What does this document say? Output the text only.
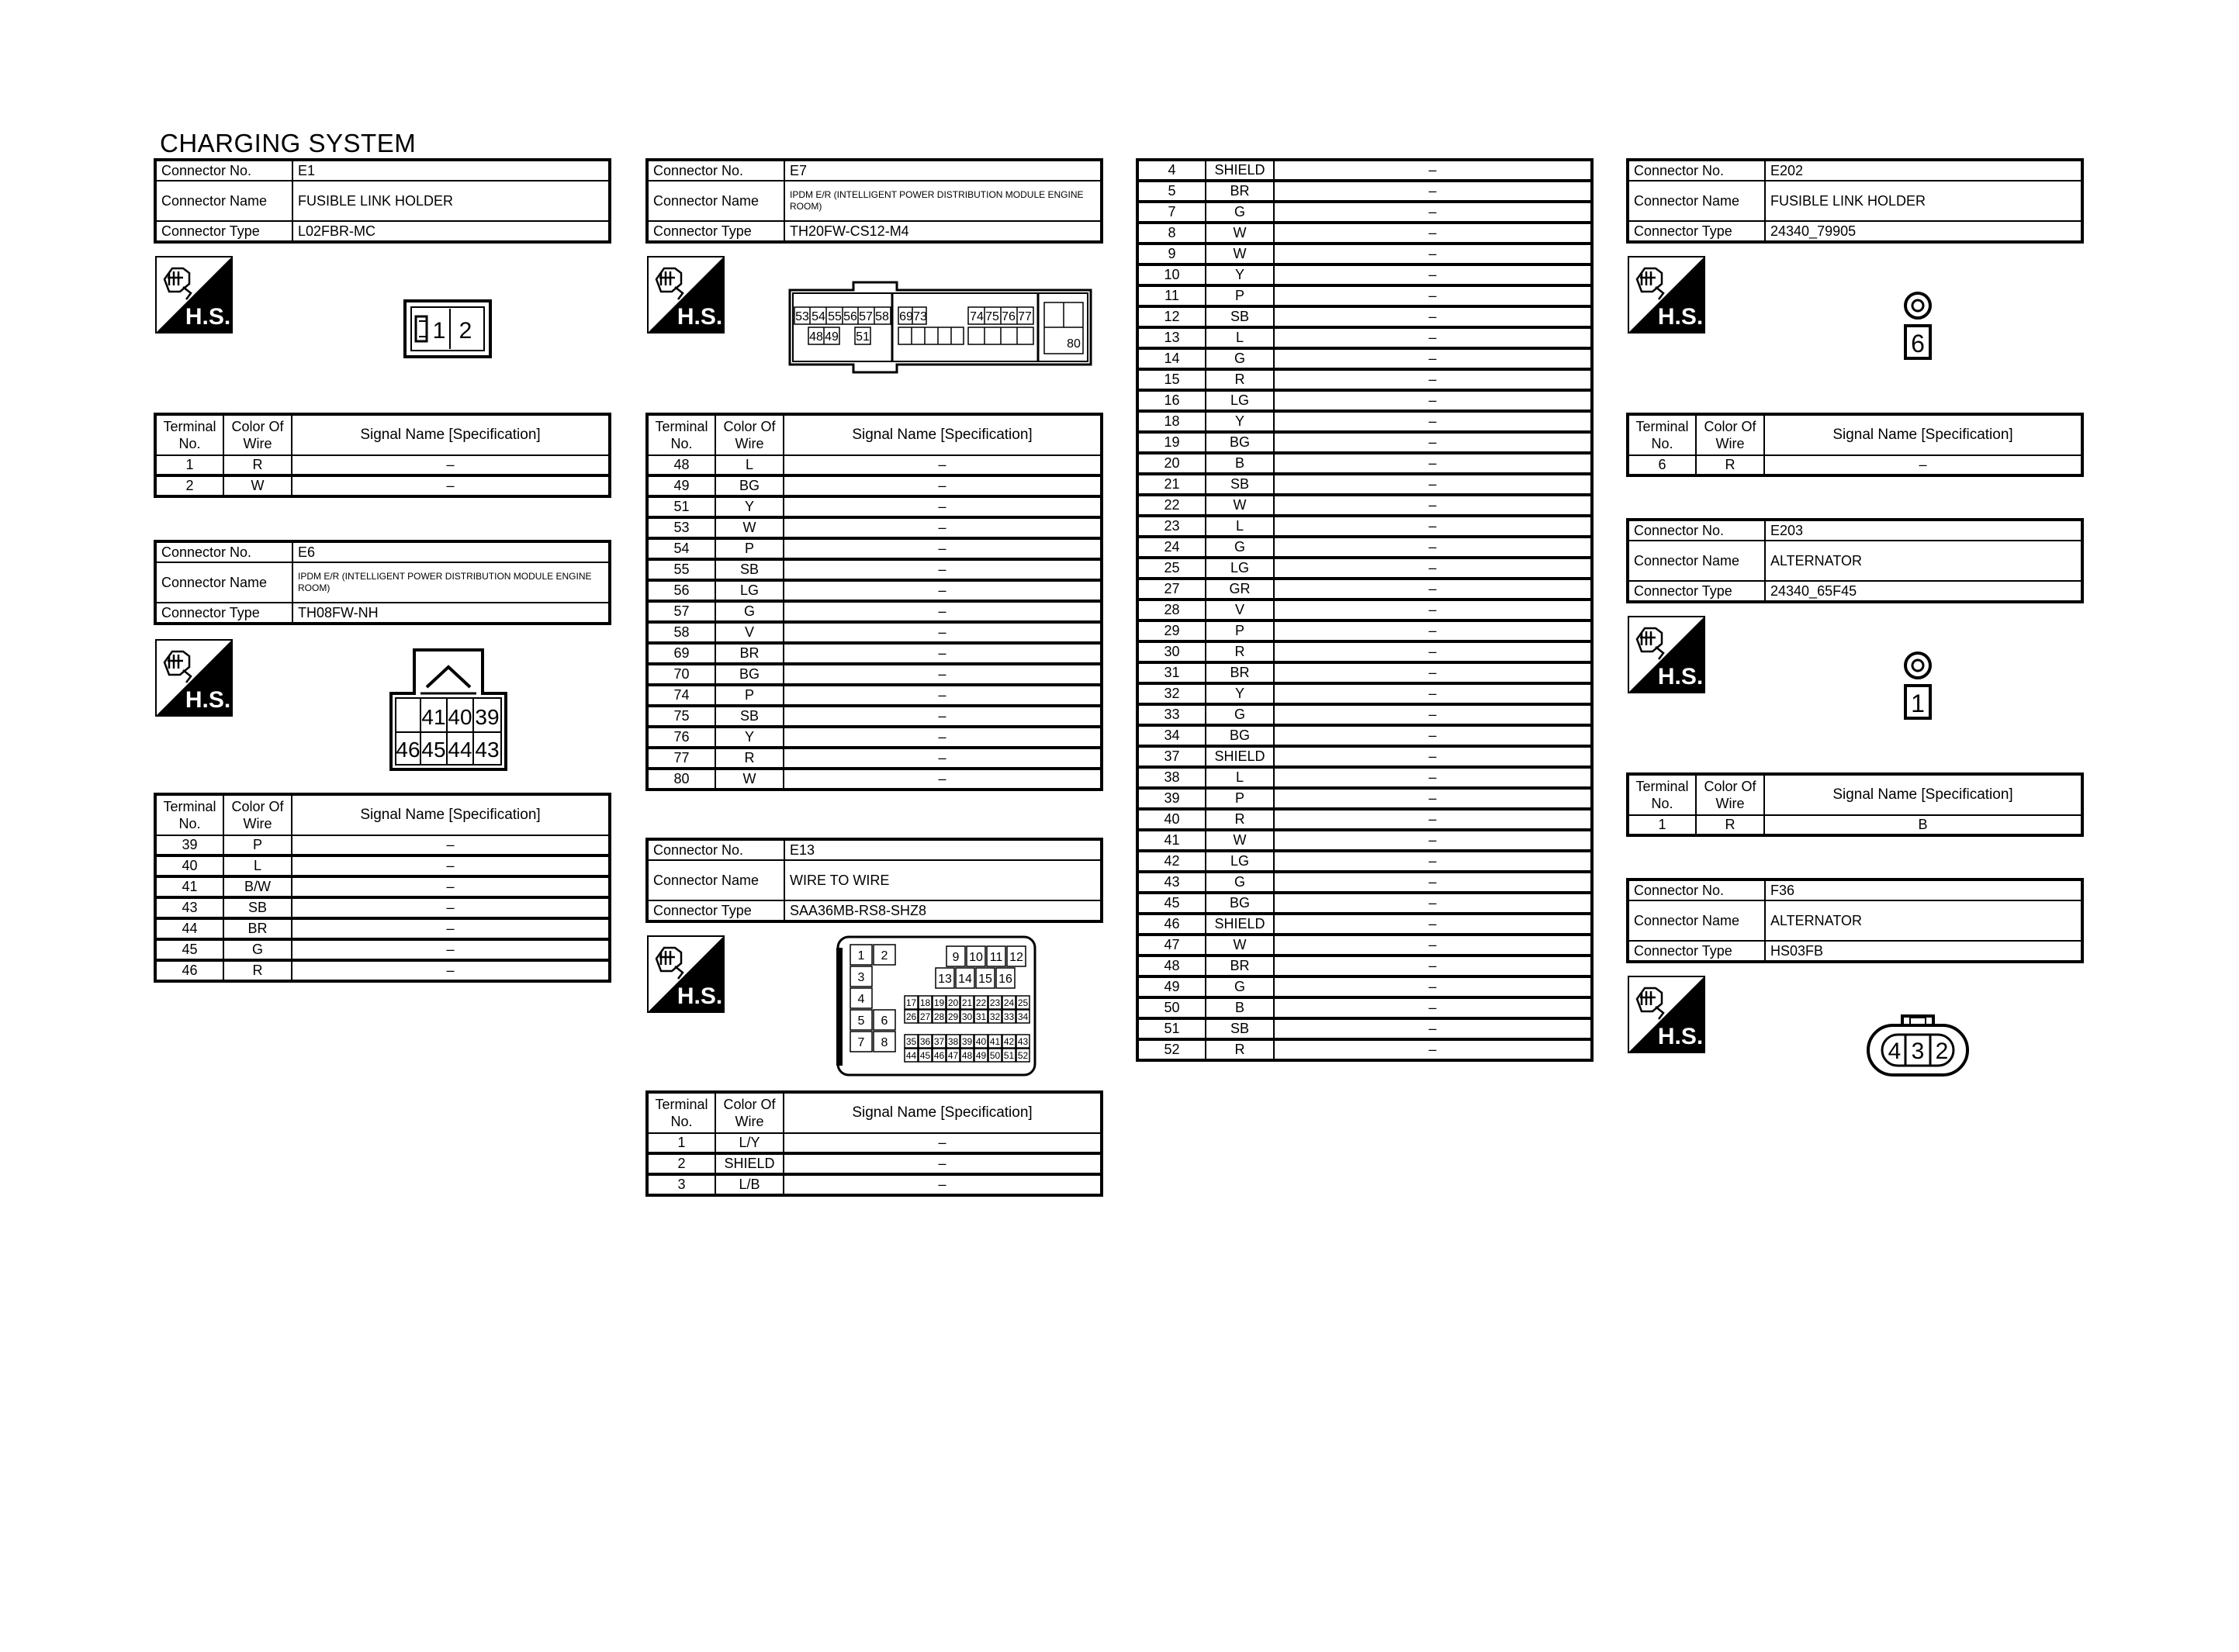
CHARGING SYSTEM
Connector No.	E1
Connector Name	FUSIBLE LINK HOLDER
Connector Type	L02FBR-MC
H.S.
1 2
Terminal No.	Color Of Wire	Signal Name [Specification]
1	R	–
2	W	–
Connector No.	E6
Connector Name	IPDM E/R (INTELLIGENT POWER DISTRIBUTION MODULE ENGINE ROOM)
Connector Type	TH08FW-NH
H.S.
41 40 39
46 45 44 43
Terminal No.	Color Of Wire	Signal Name [Specification]
39	P	–
40	L	–
41	B/W	–
43	SB	–
44	BR	–
45	G	–
46	R	–
Connector No.	E7
Connector Name	IPDM E/R (INTELLIGENT POWER DISTRIBUTION MODULE ENGINE ROOM)
Connector Type	TH20FW-CS12-M4
H.S.	53 54 55 56 57 58 69 73	74 75 76 77
48 49 51
80
Terminal No.	Color Of Wire	Signal Name [Specification]
48	L	–
49	BG	–
51	Y	–
53	W	–
54	P	–
55	SB	–
56	LG	–
57	G	–
58	V	–
69	BR	–
70	BG	–
74	P	–
75	SB	–
76	Y	–
77	R	–
80	W	–
Connector No.	E13
Connector Name	WIRE TO WIRE
Connector Type	SAA36MB-RS8-SHZ8
H.S.
1 2
3
4
5 6
7 8
9 10 11 12
13 14 15 16
17 18 19 20 21 22 23 24 25
26 27 28 29 30 31 32 33 34
35 36 37 38 39 40 41 42 43
44 45 46 47 48 49 50 51 52
Terminal No.	Color Of Wire	Signal Name [Specification]
1	L/Y	–
2	SHIELD	–
3	L/B	–
4	SHIELD	–
5	BR	–
7	G	–
8	W	–
9	W	–
10	Y	–
11	P	–
12	SB	–
13	L	–
14	G	–
15	R	–
16	LG	–
18	Y	–
19	BG	–
20	B	–
21	SB	–
22	W	–
23	L	–
24	G	–
25	LG	–
27	GR	–
28	V	–
29	P	–
30	R	–
31	BR	–
32	Y	–
33	G	–
34	BG	–
37	SHIELD	–
38	L	–
39	P	–
40	R	–
41	W	–
42	LG	–
43	G	–
45	BG	–
46	SHIELD	–
47	W	–
48	BR	–
49	G	–
50	B	–
51	SB	–
52	R	–
Connector No.	E202
Connector Name	FUSIBLE LINK HOLDER
Connector Type	24340_79905
H.S.
6
Terminal No.	Color Of Wire	Signal Name [Specification]
6	R	–
Connector No.	E203
Connector Name	ALTERNATOR
Connector Type	24340_65F45
H.S.
1
Terminal No.	Color Of Wire	Signal Name [Specification]
1	R	B
Connector No.	F36
Connector Name	ALTERNATOR
Connector Type	HS03FB
H.S.
4 3 2
